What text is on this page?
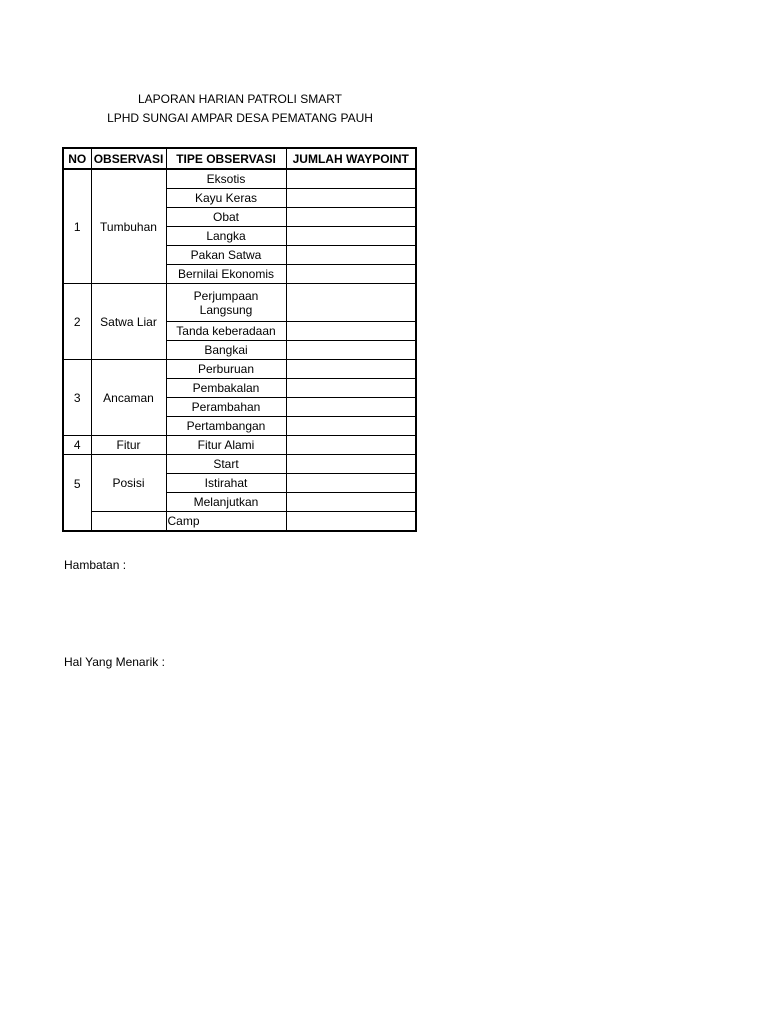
LAPORAN HARIAN PATROLI SMART
LPHD SUNGAI AMPAR DESA PEMATANG PAUH
NO	OBSERVASI	TIPE OBSERVASI	JUMLAH WAYPOINT
1	Tumbuhan	Eksotis	
		Kayu Keras	
		Obat	
		Langka	
		Pakan Satwa	
		Bernilai Ekonomis	
2	Satwa Liar	Perjumpaan Langsung	
		Tanda keberadaan	
		Bangkai	
3	Ancaman	Perburuan	
		Pembakalan	
		Perambahan	
		Pertambangan	
4	Fitur	Fitur Alami	
5	Posisi	Start	
		Istirahat	
		Melanjutkan	
		Camp	
Hambatan :
Hal Yang Menarik :
